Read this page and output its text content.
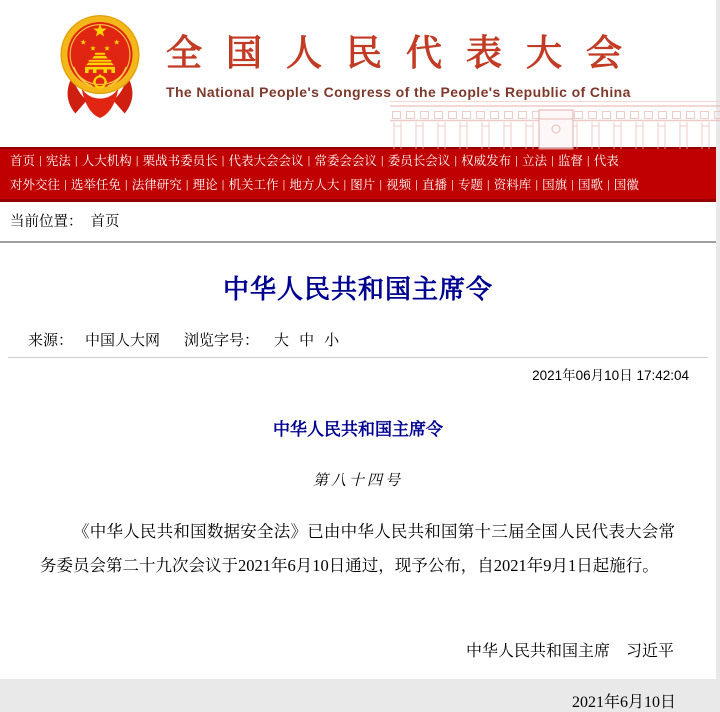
全国人民代表大会
The National People's Congress of the People's Republic of China
首页 | 宪法 | 人大机构 | 栗战书委员长 | 代表大会会议 | 常委会会议 | 委员长会议 | 权威发布 | 立法 | 监督 | 代表
对外交往 | 选举任免 | 法律研究 | 理论 | 机关工作 | 地方人大 | 图片 | 视频 | 直播 | 专题 | 资料库 | 国旗 | 国歌 | 国徽
当前位置： 首页
中华人民共和国主席令
来源： 中国人大网 浏览字号： 大 中 小
2021年06月10日 17:42:04
中华人民共和国主席令
第八十四号

《中华人民共和国数据安全法》已由中华人民共和国第十三届全国人民代表大会常务委员会第二十九次会议于2021年6月10日通过，现予公布，自2021年9月1日起施行。

中华人民共和国主席　习近平
2021年6月10日
